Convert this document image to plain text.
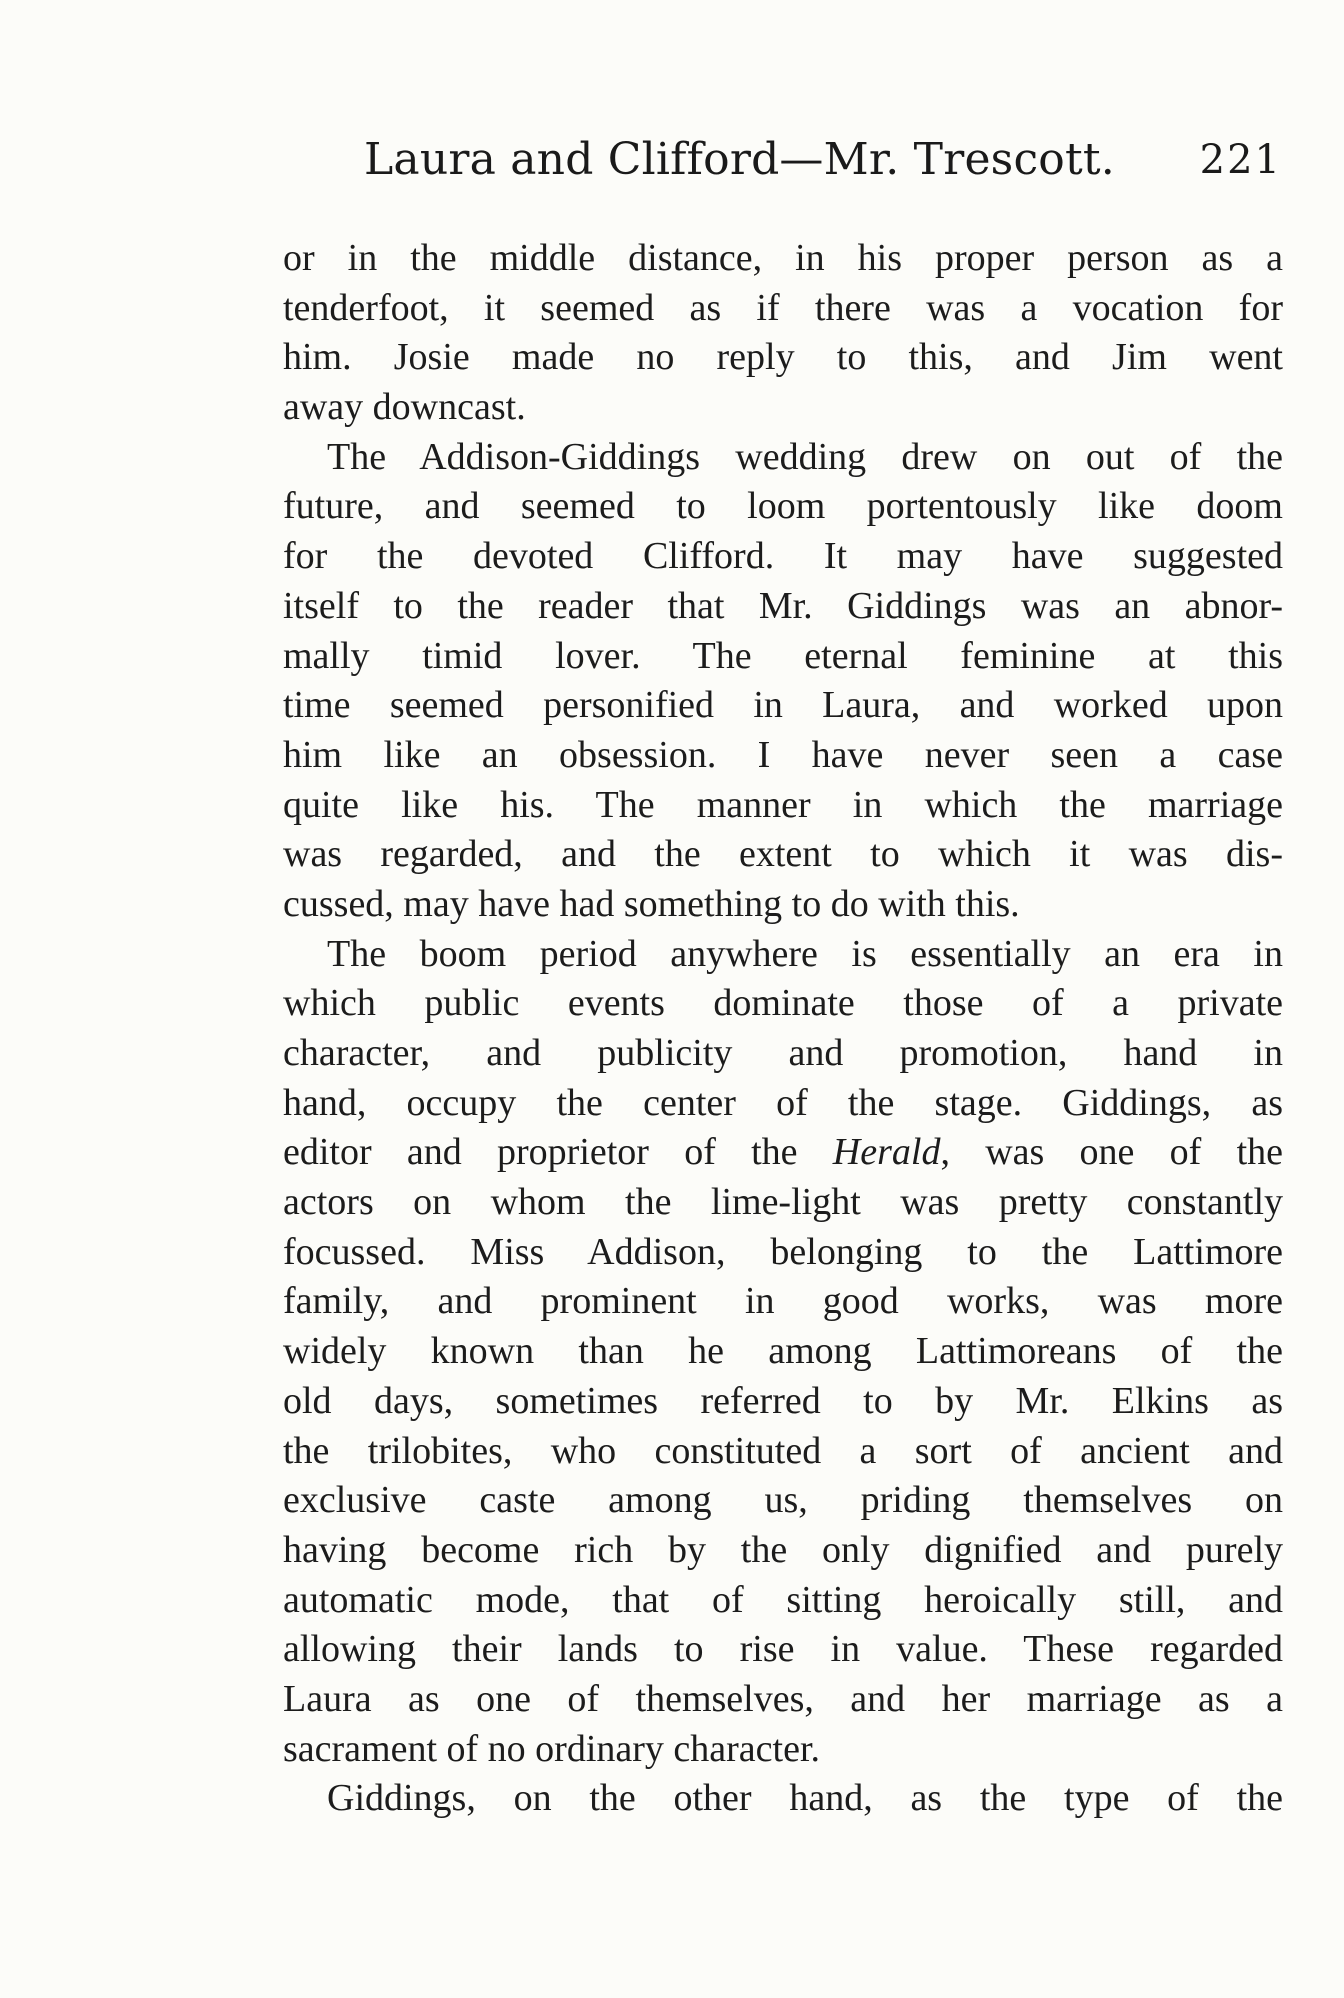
Laura and Clifford—Mr. Trescott. 221
or in the middle distance, in his proper person as a
tenderfoot, it seemed as if there was a vocation for
him. Josie made no reply to this, and Jim went
away downcast.
The Addison-Giddings wedding drew on out of the
future, and seemed to loom portentously like doom
for the devoted Clifford. It may have suggested
itself to the reader that Mr. Giddings was an abnor-
mally timid lover. The eternal feminine at this
time seemed personified in Laura, and worked upon
him like an obsession. I have never seen a case
quite like his. The manner in which the marriage
was regarded, and the extent to which it was dis-
cussed, may have had something to do with this.
The boom period anywhere is essentially an era in
which public events dominate those of a private
character, and publicity and promotion, hand in
hand, occupy the center of the stage. Giddings, as
editor and proprietor of the Herald, was one of the
actors on whom the lime-light was pretty constantly
focussed. Miss Addison, belonging to the Lattimore
family, and prominent in good works, was more
widely known than he among Lattimoreans of the
old days, sometimes referred to by Mr. Elkins as
the trilobites, who constituted a sort of ancient and
exclusive caste among us, priding themselves on
having become rich by the only dignified and purely
automatic mode, that of sitting heroically still, and
allowing their lands to rise in value. These regarded
Laura as one of themselves, and her marriage as a
sacrament of no ordinary character.
Giddings, on the other hand, as the type of the
